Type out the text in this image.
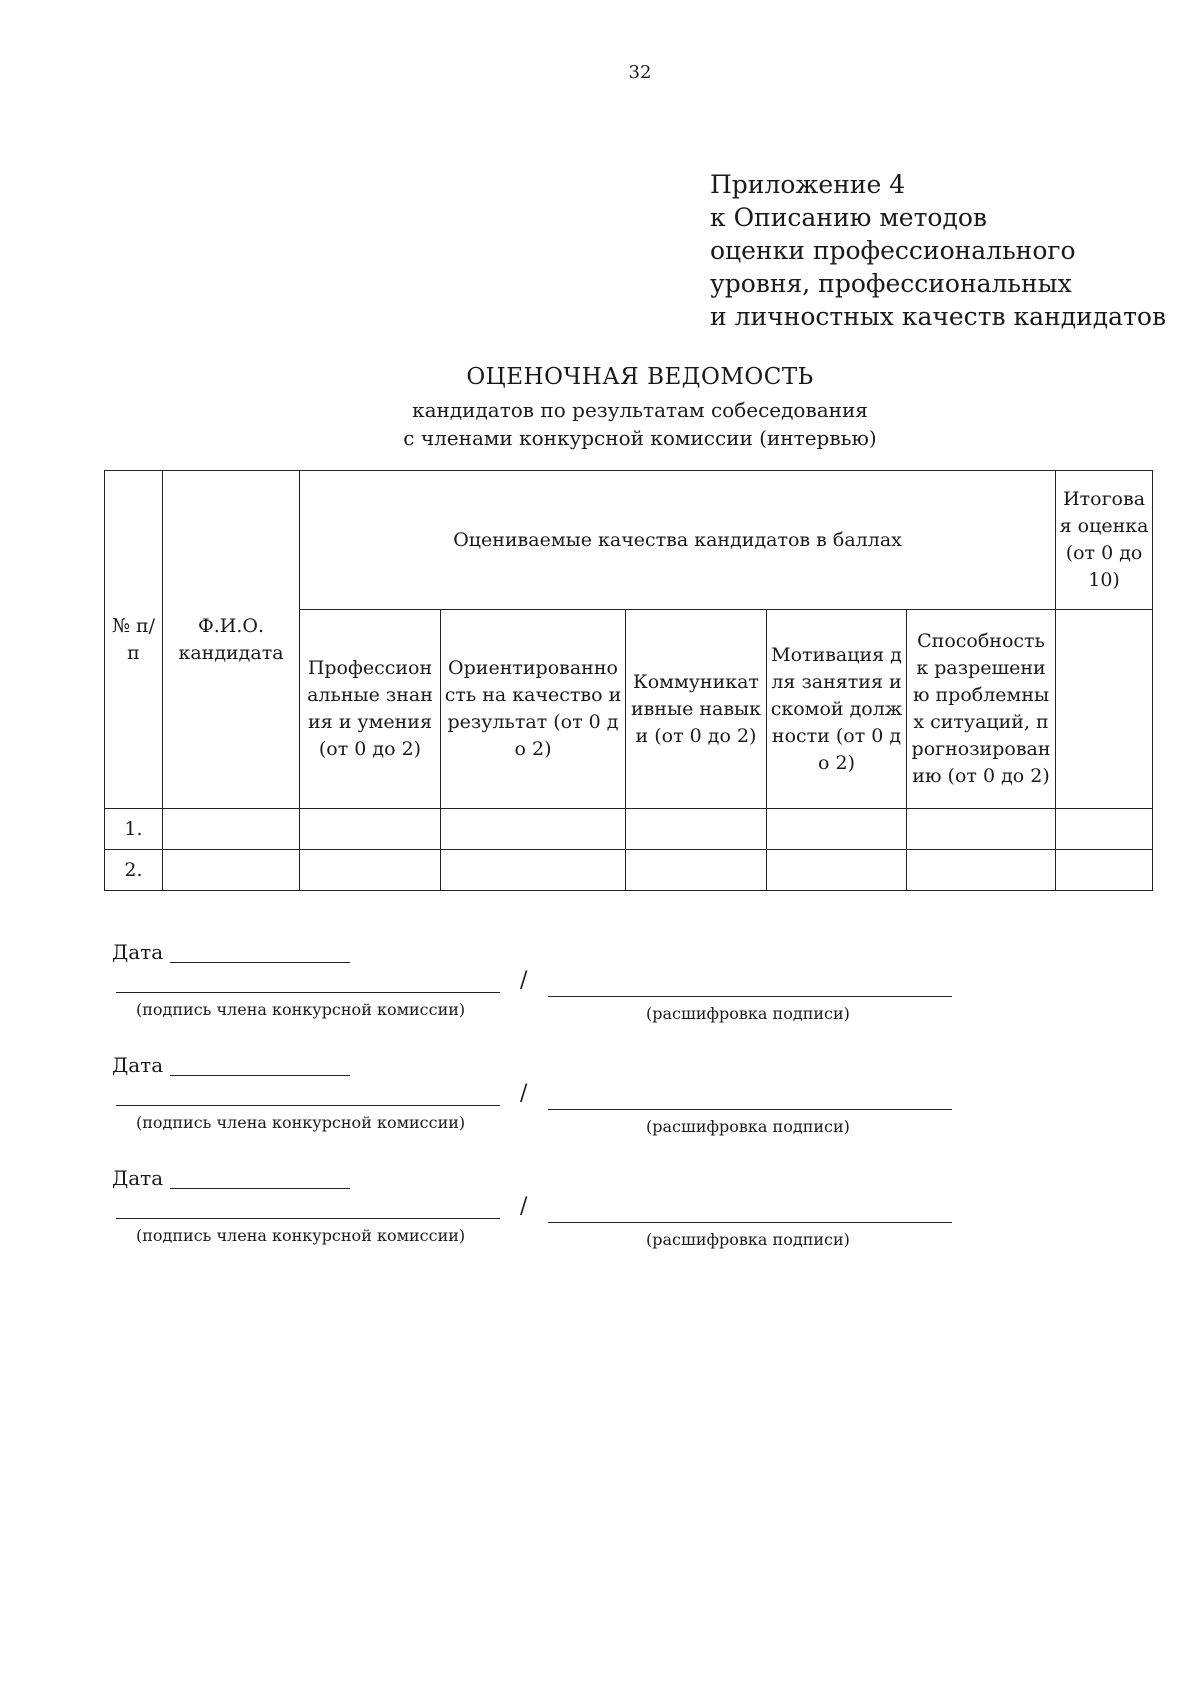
32
Приложение 4
к Описанию методов
оценки профессионального
уровня, профессиональных
и личностных качеств кандидатов
ОЦЕНОЧНАЯ ВЕДОМОСТЬ
кандидатов по результатам собеседования
с членами конкурсной комиссии (интервью)
№ п/п	Ф.И.О. кандидата	Оцениваемые качества кандидатов в баллах					Итоговая оценка (от 0 до 10)
		Профессиональные знания и умения (от 0 до 2)	Ориентированность на качество и результат (от 0 до 2)	Коммуникативные навыки (от 0 до 2)	Мотивация для занятия искомой должности (от 0 до 2)	Способность к разрешению проблемных ситуаций, прогнозированию (от 0 до 2)	
1.							
2.							
Дата
/
(подпись члена конкурсной комиссии)	(расшифровка подписи)
Дата
/
(подпись члена конкурсной комиссии)	(расшифровка подписи)
Дата
/
(подпись члена конкурсной комиссии)	(расшифровка подписи)
